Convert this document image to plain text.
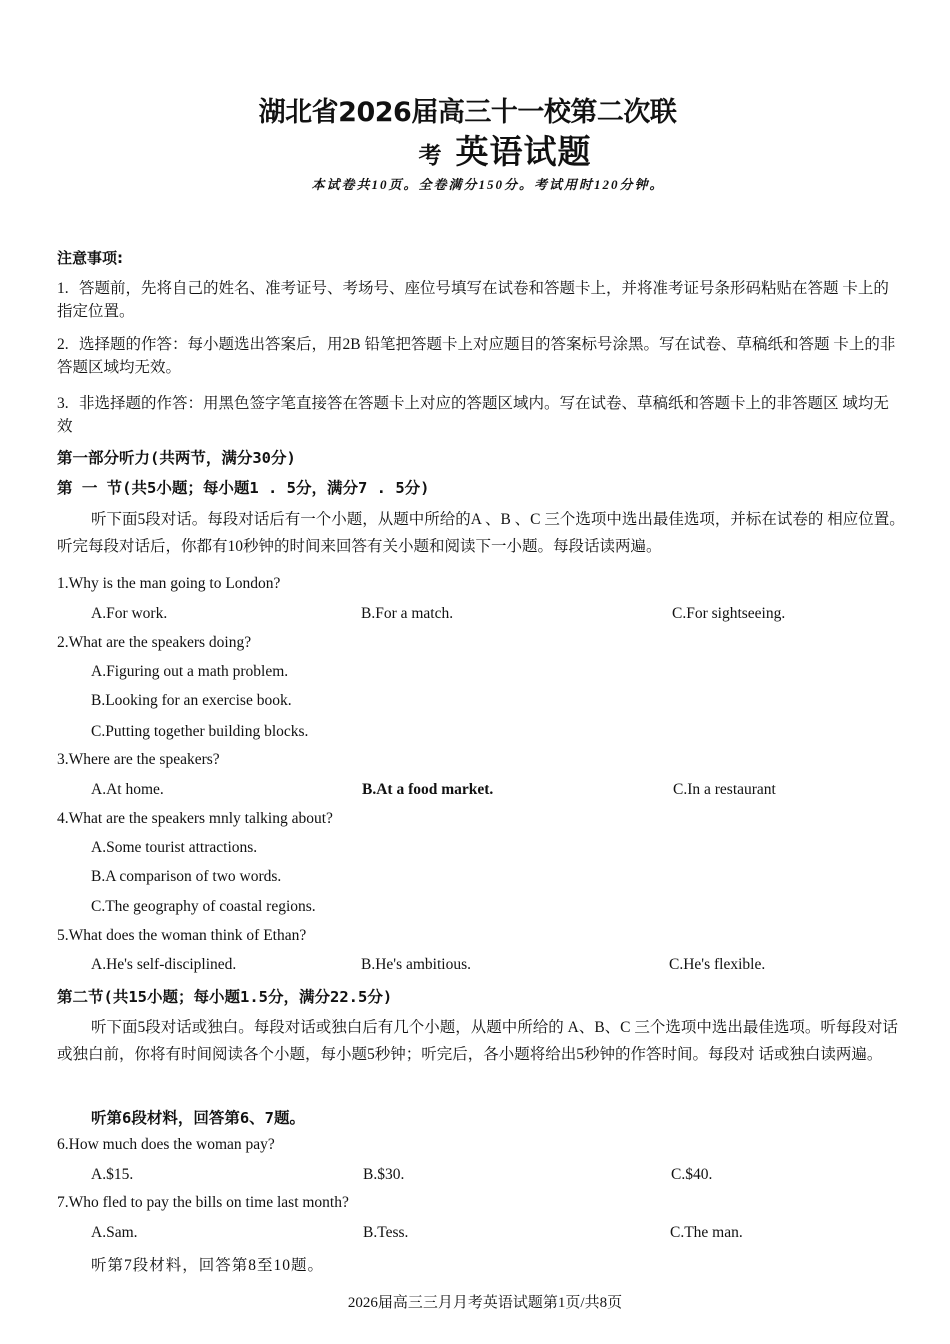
湖北省2026届高三十一校第二次联
考 英语试题
本试卷共10页。全卷满分150分。考试用时120分钟。
注意事项:
1. 答题前，先将自己的姓名、准考证号、考场号、座位号填写在试卷和答题卡上，并将准考证号条形码粘贴在答题 卡上的指定位置。
2. 选择题的作答：每小题选出答案后，用2B 铅笔把答题卡上对应题目的答案标号涂黑。写在试卷、草稿纸和答题 卡上的非答题区域均无效。
3. 非选择题的作答：用黑色签字笔直接答在答题卡上对应的答题区域内。写在试卷、草稿纸和答题卡上的非答题区 域均无效
第一部分听力(共两节，满分30分)
第 一 节(共5小题；每小题1 . 5分，满分7 . 5分)
听下面5段对话。每段对话后有一个小题，从题中所给的A 、B 、C 三个选项中选出最佳选项，并标在试卷的 相应位置。听完每段对话后，你都有10秒钟的时间来回答有关小题和阅读下一小题。每段话读两遍。
1.Why is the man going to London?
A.For work.	B.For a match.	C.For sightseeing.
2.What are the speakers doing?
A.Figuring out a math problem.
B.Looking for an exercise book.
C.Putting together building blocks.
3.Where are the speakers?
A.At home.	B.At a food market.	C.In a restaurant
4.What are the speakers mnly talking about?
A.Some tourist attractions.
B.A comparison of two words.
C.The geography of coastal regions.
5.What does the woman think of Ethan?
A.He's self-disciplined.	B.He's ambitious.	C.He's flexible.
第二节(共15小题；每小题1.5分，满分22.5分)
听下面5段对话或独白。每段对话或独白后有几个小题，从题中所给的 A、B、C 三个选项中选出最佳选项。听每段对话或独白前，你将有时间阅读各个小题，每小题5秒钟；听完后，各小题将给出5秒钟的作答时间。每段对 话或独白读两遍。
听第6段材料，回答第6、7题。
6.How much does the woman pay?
A.$15.	B.$30.	C.$40.
7.Who fled to pay the bills on time last month?
A.Sam.	B.Tess.	C.The man.
听第7段材料，回答第8至10题。
2026届高三三月月考英语试题第1页/共8页
